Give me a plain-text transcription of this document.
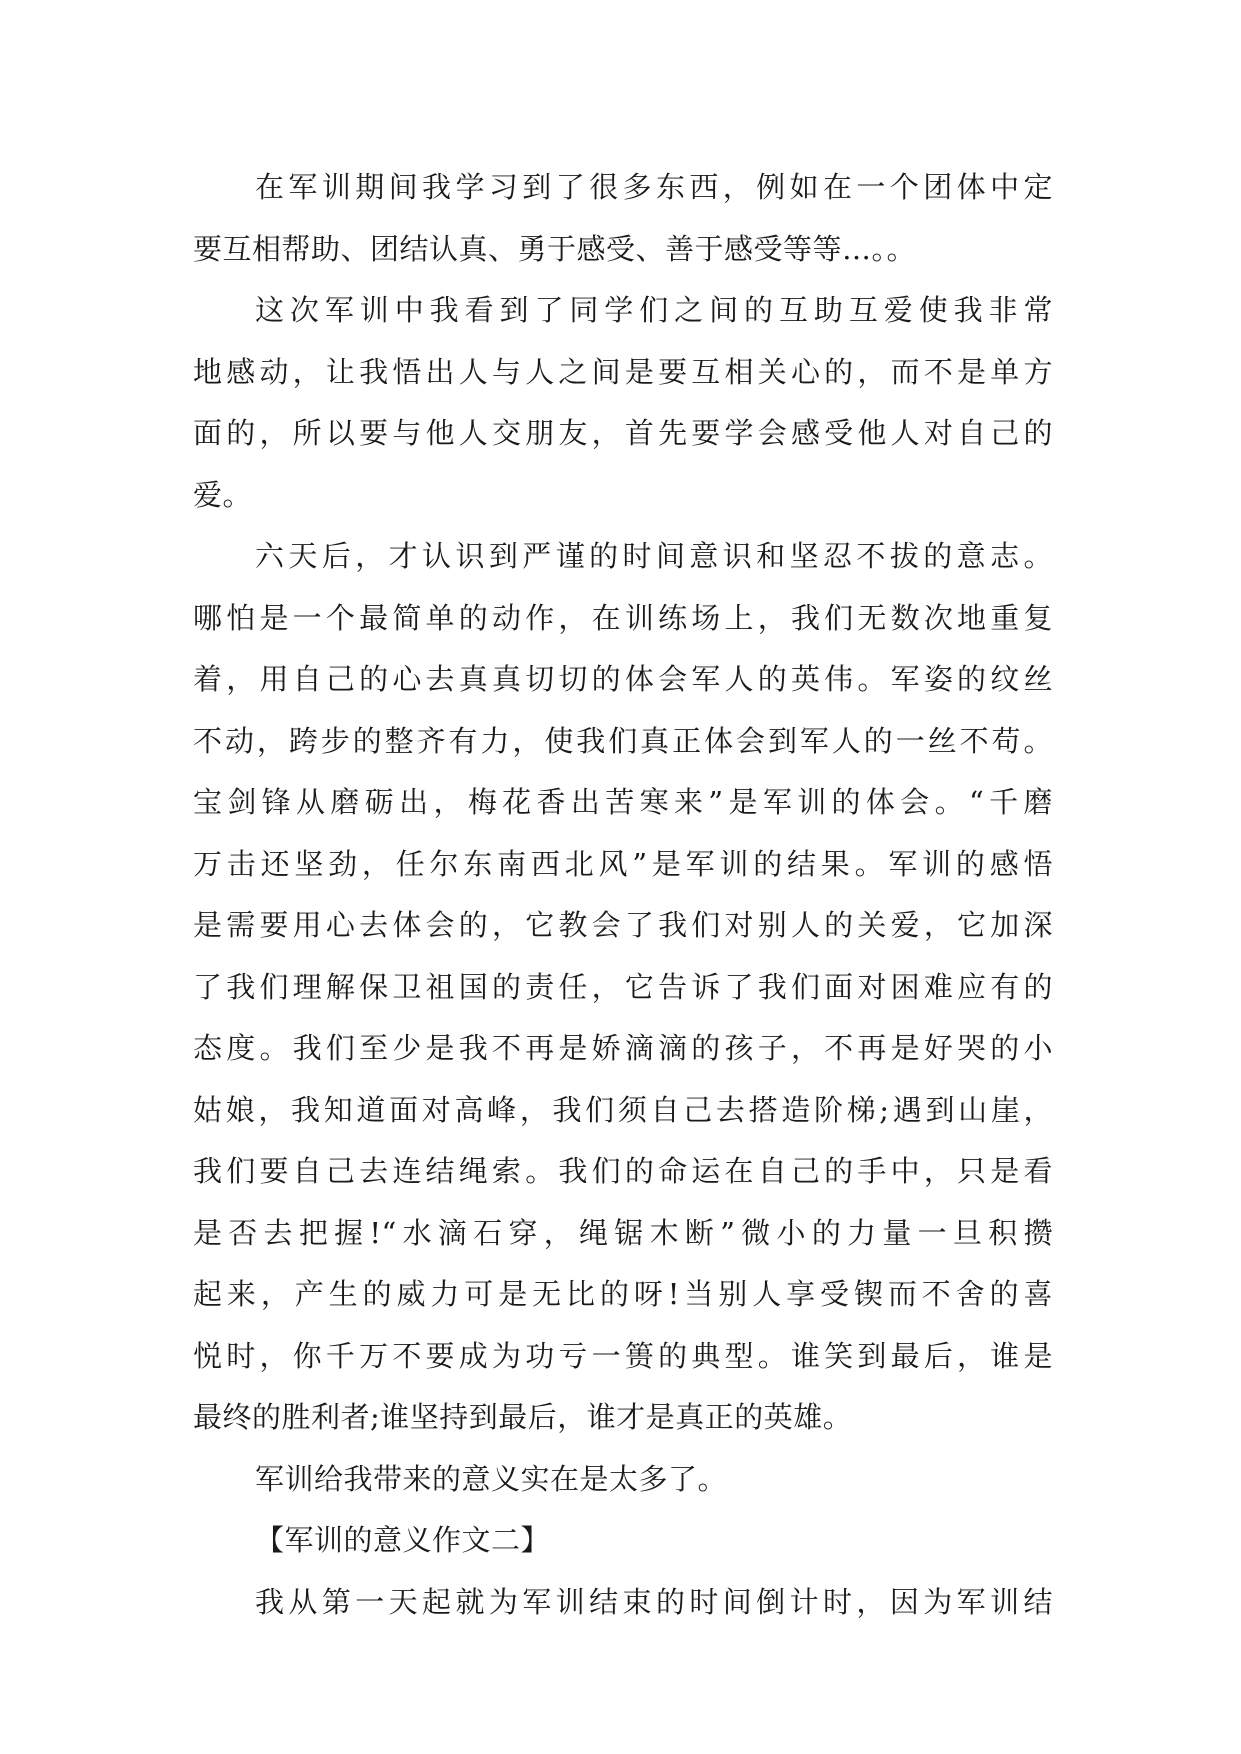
在军训期间我学习到了很多东西，例如在一个团体中定
要互相帮助、团结认真、勇于感受、善于感受等等…。。
这次军训中我看到了同学们之间的互助互爱使我非常
地感动，让我悟出人与人之间是要互相关心的，而不是单方
面的，所以要与他人交朋友，首先要学会感受他人对自己的
爱。
六天后，才认识到严谨的时间意识和坚忍不拔的意志。
哪怕是一个最简单的动作，在训练场上，我们无数次地重复
着，用自己的心去真真切切的体会军人的英伟。军姿的纹丝
不动，跨步的整齐有力，使我们真正体会到军人的一丝不苟。
宝剑锋从磨砺出，梅花香出苦寒来”是军训的体会。“千磨
万击还坚劲，任尔东南西北风”是军训的结果。军训的感悟
是需要用心去体会的，它教会了我们对别人的关爱，它加深
了我们理解保卫祖国的责任，它告诉了我们面对困难应有的
态度。我们至少是我不再是娇滴滴的孩子，不再是好哭的小
姑娘，我知道面对高峰，我们须自己去搭造阶梯;遇到山崖，
我们要自己去连结绳索。我们的命运在自己的手中，只是看
是否去把握!“水滴石穿，绳锯木断”微小的力量一旦积攒
起来，产生的威力可是无比的呀!当别人享受锲而不舍的喜
悦时，你千万不要成为功亏一篑的典型。谁笑到最后，谁是
最终的胜利者;谁坚持到最后，谁才是真正的英雄。
军训给我带来的意义实在是太多了。
【军训的意义作文二】
我从第一天起就为军训结束的时间倒计时，因为军训结
